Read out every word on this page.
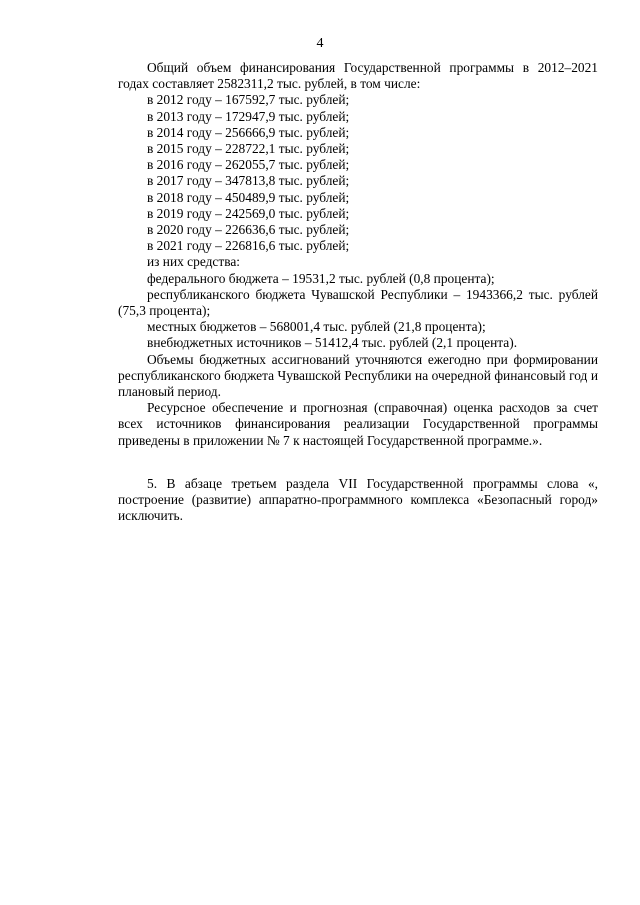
4

Общий объем финансирования Государственной программы в 2012–2021 годах составляет 2582311,2 тыс. рублей, в том числе:

в 2012 году – 167592,7 тыс. рублей;

в 2013 году – 172947,9 тыс. рублей;

в 2014 году – 256666,9 тыс. рублей;

в 2015 году – 228722,1 тыс. рублей;

в 2016 году – 262055,7 тыс. рублей;

в 2017 году – 347813,8 тыс. рублей;

в 2018 году – 450489,9 тыс. рублей;

в 2019 году – 242569,0 тыс. рублей;

в 2020 году – 226636,6 тыс. рублей;

в 2021 году – 226816,6 тыс. рублей;

из них средства:

федерального бюджета – 19531,2 тыс. рублей (0,8 процента);

республиканского бюджета Чувашской Республики – 1943366,2 тыс. рублей (75,3 процента);

местных бюджетов – 568001,4 тыс. рублей (21,8 процента);

внебюджетных источников – 51412,4 тыс. рублей (2,1 процента).

Объемы бюджетных ассигнований уточняются ежегодно при формировании республиканского бюджета Чувашской Республики на очередной финансовый год и плановый период.

Ресурсное обеспечение и прогнозная (справочная) оценка расходов за счет всех источников финансирования реализации Государственной программы приведены в приложении № 7 к настоящей Государственной программе.».

5. В абзаце третьем раздела VII Государственной программы слова «, построение (развитие) аппаратно-программного комплекса «Безопасный город» исключить.
